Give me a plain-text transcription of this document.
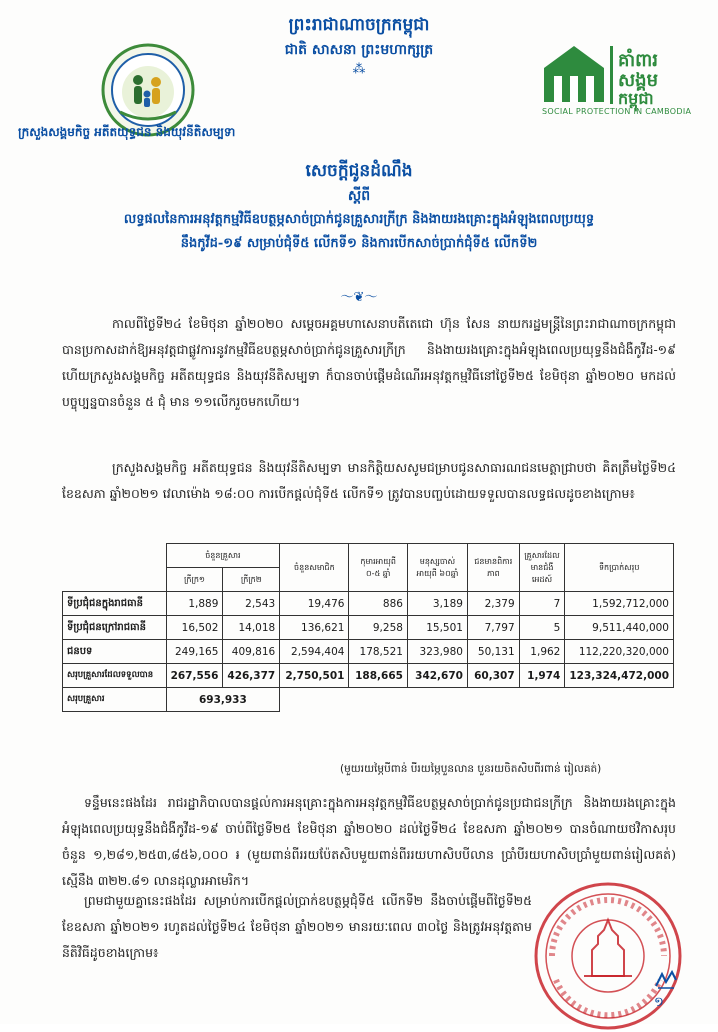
ព្រះរាជាណាចក្រកម្ពុជា
ជាតិ សាសនា ព្រះមហាក្សត្រ
⁂
ក្រសួងសង្គមកិច្ច អតីតយុទ្ធជន និងយុវនីតិសម្បទា
គាំពារ
សង្គម
កម្ពុជា
SOCIAL PROTECTION IN CAMBODIA
សេចក្តីជូនដំណឹង
ស្តីពី
លទ្ធផលនៃការអនុវត្តកម្មវិធីឧបត្ថម្ភសាច់ប្រាក់ជូនគ្រួសារក្រីក្រ និងងាយរងគ្រោះក្នុងអំឡុងពេលប្រយុទ្ធ
នឹងកូវីដ-១៩ សម្រាប់ជុំទី៥ លើកទី១ និងការបើកសាច់ប្រាក់ជុំទី៥ លើកទី២
〜❦〜
កាលពីថ្ងៃទី២៤ ខែមិថុនា ឆ្នាំ២០២០ សម្តេចអគ្គមហាសេនាបតីតេជោ ហ៊ុន សែន នាយករដ្ឋមន្ត្រីនៃព្រះរាជាណាចក្រកម្ពុជា បានប្រកាសដាក់ឱ្យអនុវត្តជាផ្លូវការនូវកម្មវិធីឧបត្ថម្ភសាច់ប្រាក់ជូនគ្រួសារក្រីក្រ និងងាយរងគ្រោះក្នុងអំឡុងពេលប្រយុទ្ធនឹងជំងឺកូវីដ-១៩ ហើយក្រសួងសង្គមកិច្ច អតីតយុទ្ធជន និងយុវនីតិសម្បទា ក៏បានចាប់ផ្តើមដំណើរអនុវត្តកម្មវិធីនៅថ្ងៃទី២៥ ខែមិថុនា ឆ្នាំ២០២០ មកដល់បច្ចុប្បន្នបានចំនួន ៥ ជុំ មាន ១១លើករួចមកហើយ។
ក្រសួងសង្គមកិច្ច អតីតយុទ្ធជន និងយុវនីតិសម្បទា មានកិត្តិយសសូមជម្រាបជូនសាធារណជនមេត្តាជ្រាបថា គិតត្រឹមថ្ងៃទី២៤ ខែឧសភា ឆ្នាំ២០២១ វេលាម៉ោង ១៨:០០ ការបើកផ្តល់ជុំទី៥ លើកទី១ ត្រូវបានបញ្ចប់ដោយទទួលបានលទ្ធផលដូចខាងក្រោម៖
	ចំនួនគ្រួសារ		ចំនួនសមាជិក	កុមារអាយុពី ០-៥ ឆ្នាំ	មនុស្សចាស់អាយុពី ៦០ឆ្នាំ	ជនមានពិការភាព	គ្រួសារដែលមានជំងឺអេដស៍	ទឹកប្រាក់សរុប
	ក្រីក្រ១	ក្រីក្រ២						
ទីប្រជុំជនក្នុងរាជធានី	1,889	2,543	19,476	886	3,189	2,379	7	1,592,712,000
ទីប្រជុំជនក្រៅរាជធានី	16,502	14,018	136,621	9,258	15,501	7,797	5	9,511,440,000
ជនបទ	249,165	409,816	2,594,404	178,521	323,980	50,131	1,962	112,220,320,000
សរុបគ្រួសារដែលទទួលបាន	267,556	426,377	2,750,501	188,665	342,670	60,307	1,974	123,324,472,000
សរុបគ្រួសារ	693,933							
(មួយរយម្ភៃបីពាន់ បីរយម្ភៃបួនលាន បួនរយចិតសិបពីរពាន់ រៀលគត់)
ទន្ទឹមនេះផងដែរ រាជរដ្ឋាភិបាលបានផ្តល់ការអនុគ្រោះក្នុងការអនុវត្តកម្មវិធីឧបត្ថម្ភសាច់ប្រាក់ជូនប្រជាជនក្រីក្រ និងងាយរងគ្រោះក្នុងអំឡុងពេលប្រយុទ្ធនឹងជំងឺកូវីដ-១៩ ចាប់ពីថ្ងៃទី២៥ ខែមិថុនា ឆ្នាំ២០២០ ដល់ថ្ងៃទី២៤ ខែឧសភា ឆ្នាំ២០២១ បានចំណាយថវិកាសរុបចំនួន ១,២៨១,២៥៣,៨៥៦,០០០ ៛ (មួយពាន់ពីររយប៉ែតសិបមួយពាន់ពីររយហាសិបបីលាន ប្រាំបីរយហាសិបប្រាំមួយពាន់រៀលគត់) ស្មើនឹង ៣២២.៨១ លានដុល្លារអាមេរិក។
ព្រមជាមួយគ្នានេះផងដែរ សម្រាប់ការបើកផ្តល់ប្រាក់ឧបត្ថម្ភជុំទី៥ លើកទី២ នឹងចាប់ផ្តើមពីថ្ងៃទី២៥ ខែឧសភា ឆ្នាំ២០២១ រហូតដល់ថ្ងៃទី២៤ ខែមិថុនា ឆ្នាំ២០២១ មានរយៈពេល ៣០ថ្ងៃ និងត្រូវអនុវត្តតាមនីតិវិធីដូចខាងក្រោម៖
១
